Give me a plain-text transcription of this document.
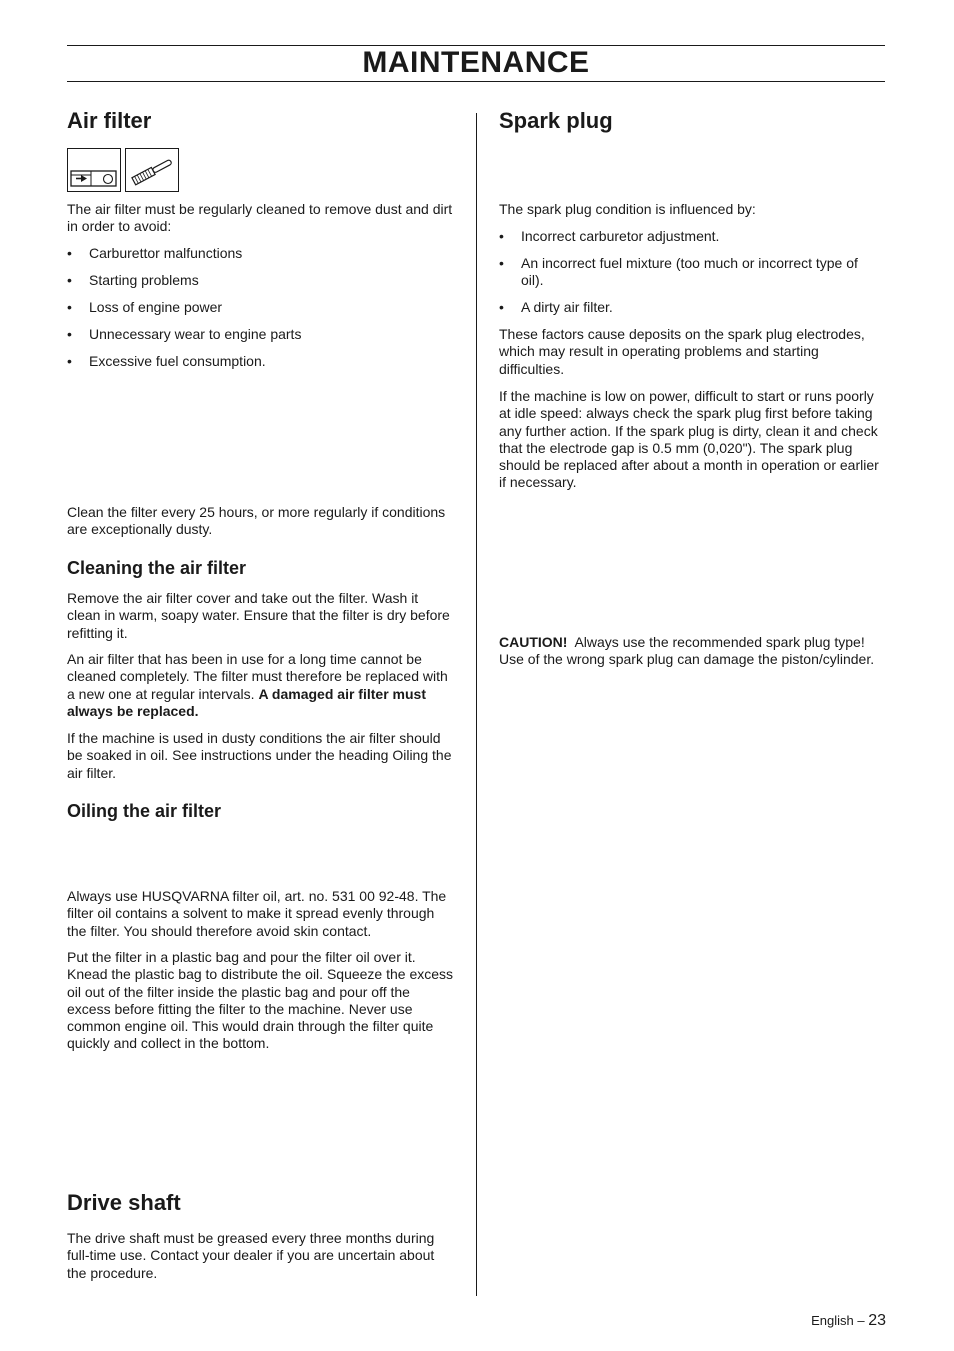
MAINTENANCE
Air filter

The air filter must be regularly cleaned to remove dust and dirt in order to avoid:

• Carburettor malfunctions
• Starting problems
• Loss of engine power
• Unnecessary wear to engine parts
• Excessive fuel consumption.

Clean the filter every 25 hours, or more regularly if conditions are exceptionally dusty.

Cleaning the air filter

Remove the air filter cover and take out the filter. Wash it clean in warm, soapy water. Ensure that the filter is dry before refitting it.

An air filter that has been in use for a long time cannot be cleaned completely. The filter must therefore be replaced with a new one at regular intervals. A damaged air filter must always be replaced.

If the machine is used in dusty conditions the air filter should be soaked in oil. See instructions under the heading Oiling the air filter.

Oiling the air filter

Always use HUSQVARNA filter oil, art. no. 531 00 92-48. The filter oil contains a solvent to make it spread evenly through the filter. You should therefore avoid skin contact.

Put the filter in a plastic bag and pour the filter oil over it. Knead the plastic bag to distribute the oil. Squeeze the excess oil out of the filter inside the plastic bag and pour off the excess before fitting the filter to the machine. Never use common engine oil. This would drain through the filter quite quickly and collect in the bottom.

Drive shaft

The drive shaft must be greased every three months during full-time use. Contact your dealer if you are uncertain about the procedure.

Spark plug

The spark plug condition is influenced by:

• Incorrect carburetor adjustment.
• An incorrect fuel mixture (too much or incorrect type of oil).
• A dirty air filter.

These factors cause deposits on the spark plug electrodes, which may result in operating problems and starting difficulties.

If the machine is low on power, difficult to start or runs poorly at idle speed: always check the spark plug first before taking any further action. If the spark plug is dirty, clean it and check that the electrode gap is 0.5 mm (0,020"). The spark plug should be replaced after about a month in operation or earlier if necessary.

CAUTION! Always use the recommended spark plug type! Use of the wrong spark plug can damage the piston/cylinder.

English – 23
